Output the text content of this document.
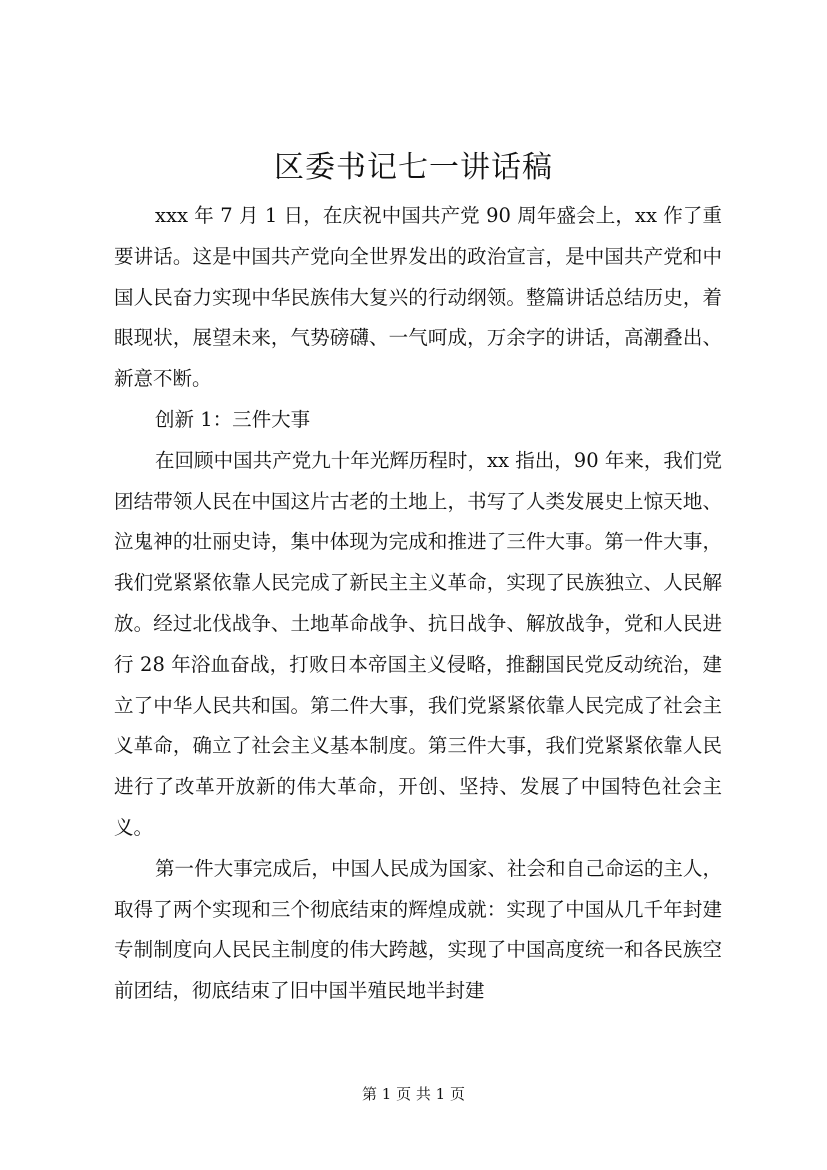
区委书记七一讲话稿

xxx 年 7 月 1 日，在庆祝中国共产党 90 周年盛会上，xx 作了重要讲话。这是中国共产党向全世界发出的政治宣言，是中国共产党和中国人民奋力实现中华民族伟大复兴的行动纲领。整篇讲话总结历史，着眼现状，展望未来，气势磅礴、一气呵成，万余字的讲话，高潮叠出、新意不断。

创新 1：三件大事

在回顾中国共产党九十年光辉历程时，xx 指出，90 年来，我们党团结带领人民在中国这片古老的土地上，书写了人类发展史上惊天地、泣鬼神的壮丽史诗，集中体现为完成和推进了三件大事。第一件大事，我们党紧紧依靠人民完成了新民主主义革命，实现了民族独立、人民解放。经过北伐战争、土地革命战争、抗日战争、解放战争，党和人民进行 28 年浴血奋战，打败日本帝国主义侵略，推翻国民党反动统治，建立了中华人民共和国。第二件大事，我们党紧紧依靠人民完成了社会主义革命，确立了社会主义基本制度。第三件大事，我们党紧紧依靠人民进行了改革开放新的伟大革命，开创、坚持、发展了中国特色社会主义。

第一件大事完成后，中国人民成为国家、社会和自己命运的主人，取得了两个实现和三个彻底结束的辉煌成就：实现了中国从几千年封建专制制度向人民民主制度的伟大跨越，实现了中国高度统一和各民族空前团结，彻底结束了旧中国半殖民地半封建

第 1 页 共 1 页
